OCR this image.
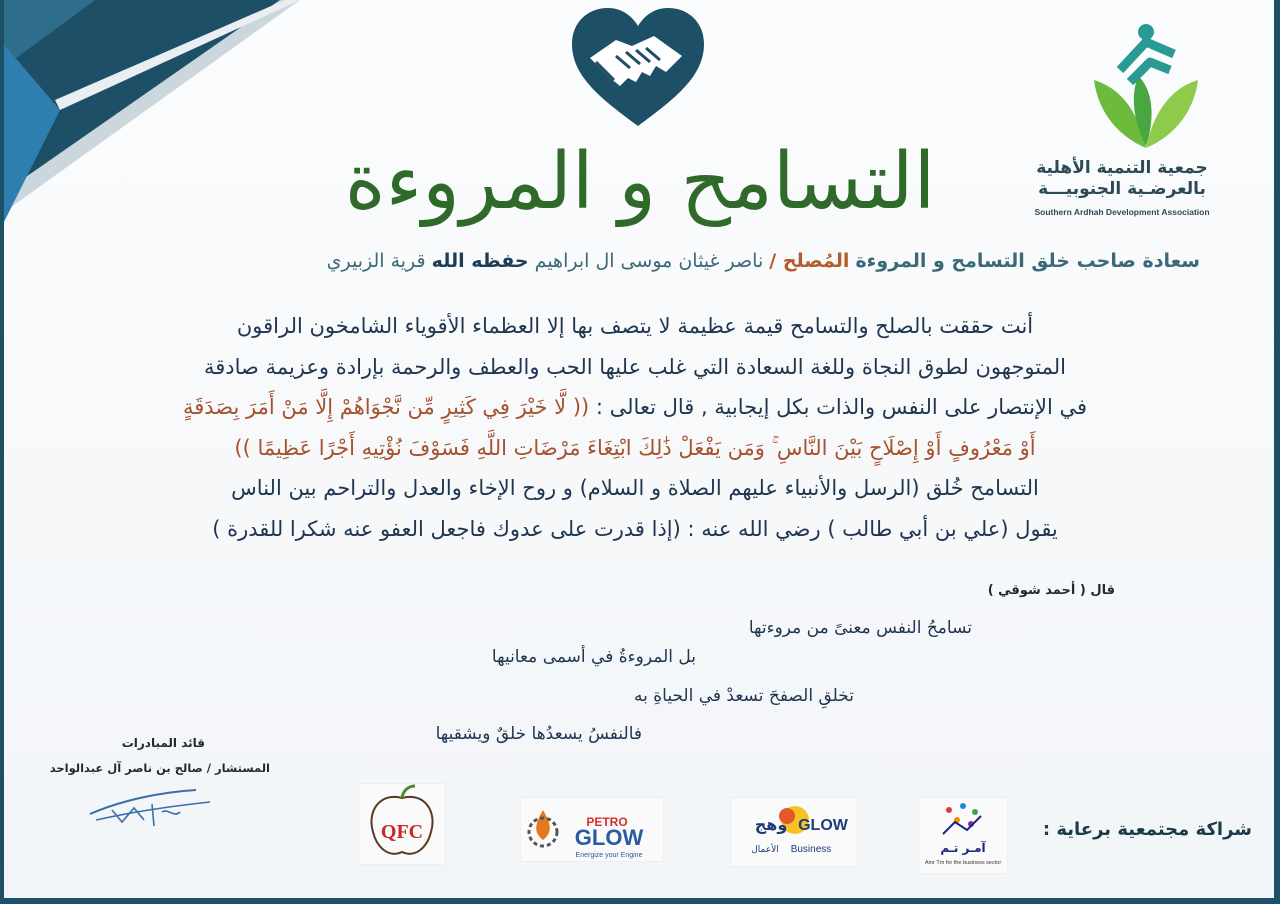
جمعية التنمية الأهلية
بالعرضـية الجنوبيـــة
Southern Ardhah Development Association
التسامح و المروءة
سعادة صاحب خلق التسامح و المروءة المُصلح / ناصر غيثان موسى ال ابراهيم حفظه الله قرية الزبيري
أنت حققت بالصلح والتسامح قيمة عظيمة لا يتصف بها إلا العظماء الأقوياء الشامخون الراقون
المتوجهون لطوق النجاة وللغة السعادة التي غلب عليها الحب والعطف والرحمة بإرادة وعزيمة صادقة
في الإنتصار على النفس والذات بكل إيجابية , قال تعالى : (( لَّا خَيْرَ فِي كَثِيرٍ مِّن نَّجْوَاهُمْ إِلَّا مَنْ أَمَرَ بِصَدَقَةٍ
أَوْ مَعْرُوفٍ أَوْ إِصْلَاحٍ بَيْنَ النَّاسِ ۚ وَمَن يَفْعَلْ ذَٰلِكَ ابْتِغَاءَ مَرْضَاتِ اللَّهِ فَسَوْفَ نُؤْتِيهِ أَجْرًا عَظِيمًا ))
التسامح خُلق (الرسل والأنبياء عليهم الصلاة و السلام) و روح الإخاء والعدل والتراحم بين الناس
يقول (علي بن أبي طالب ) رضي الله عنه : (إذا قدرت على عدوك فاجعل العفو عنه شكرا للقدرة )
قال ( أحمد شوقي )
تسامحُ النفس معنىً من مروءتها
بل المروءةُ في أسمى معانيها
تخلقِ الصفحَ تسعدْ في الحياةِ به
فالنفسُ يسعدُها خلقٌ ويشقيها
قائد المبادرات
المستشار / صالح بن ناصر آل عبدالواحد
QFC	PETRO
GLOW
Energize your Engine
وهج GLOW
الأعمال Business	آمـر تـم
Amr Tm for the business sector
شراكة مجتمعية برعاية :
